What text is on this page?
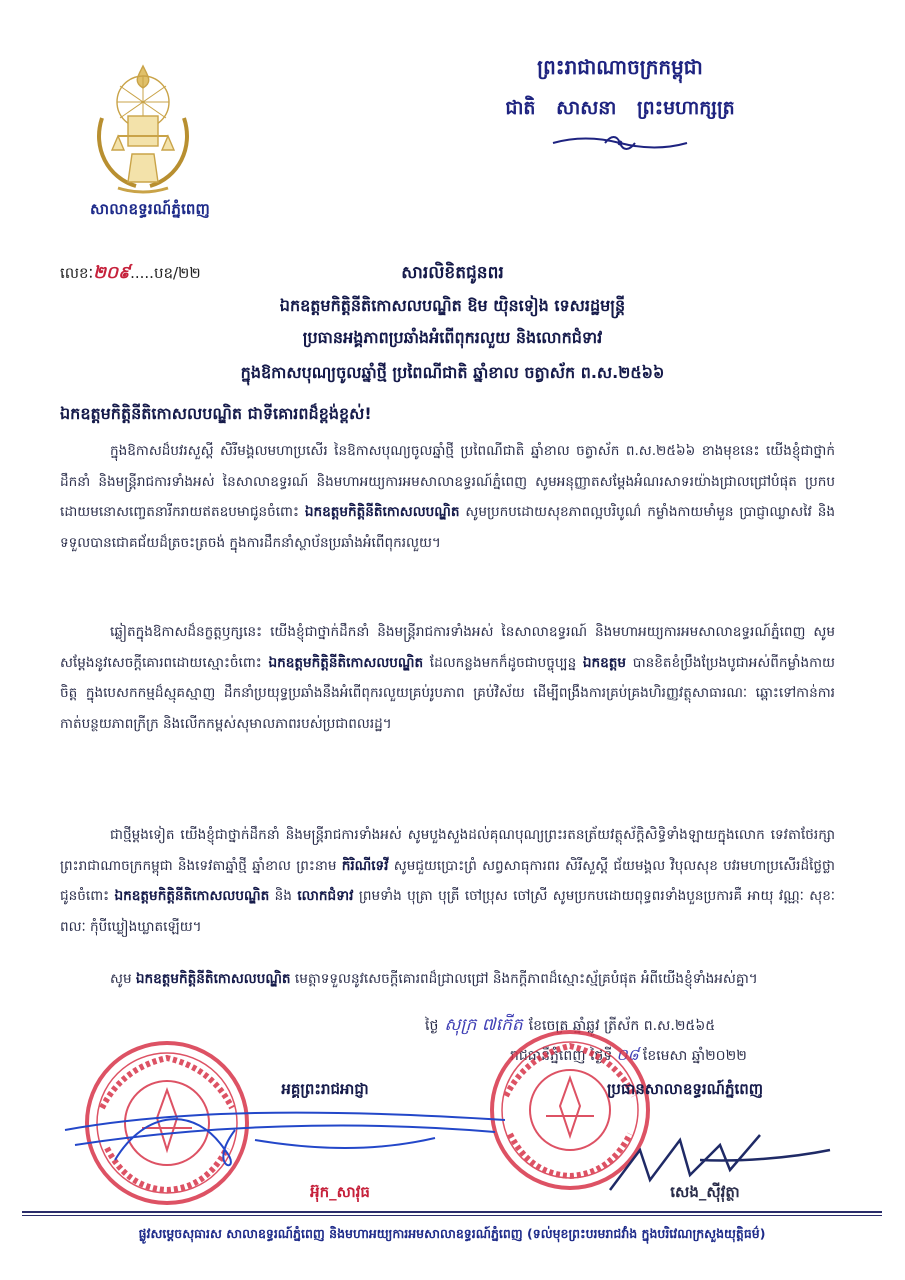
សាលាឧទ្ធរណ៍ភ្នំពេញ
ព្រះរាជាណាចក្រកម្ពុជា
ជាតិ សាសនា ព្រះមហាក្សត្រ
លេខៈ២០៩.....បឧ/២២	សារលិខិតជូនពរ
ឯកឧត្តមកិត្តិនីតិកោសលបណ្ឌិត ឱម យ៉ិនទៀង ទេសរដ្ឋមន្ត្រី
ប្រធានអង្គភាពប្រឆាំងអំពើពុករលួយ និងលោកជំទាវ
ក្នុងឱកាសបុណ្យចូលឆ្នាំថ្មី ប្រពៃណីជាតិ ឆ្នាំខាល ចត្វាស័ក ព.ស.២៥៦៦
ឯកឧត្តមកិត្តិនីតិកោសលបណ្ឌិត ជាទីគោរពដ៏ខ្ពង់ខ្ពស់!
ក្នុងឱកាសដ៏បវរសួស្តី សិរីមង្គលមហាប្រសើរ នៃឱកាសបុណ្យចូលឆ្នាំថ្មី ប្រពៃណីជាតិ ឆ្នាំខាល ចត្វាស័ក ព.ស.២៥៦៦ ខាងមុខនេះ យើងខ្ញុំជាថ្នាក់ដឹកនាំ និងមន្ត្រីរាជការទាំងអស់ នៃសាលាឧទ្ធរណ៍ និងមហាអយ្យការអមសាលាឧទ្ធរណ៍ភ្នំពេញ សូមអនុញ្ញាតសម្តែងអំណរសាទរយ៉ាងជ្រាលជ្រៅបំផុត ប្រកបដោយមនោសញ្ចេតនារីករាយឥតឧបមាជូនចំពោះ ឯកឧត្តមកិត្តិនីតិកោសលបណ្ឌិត សូមប្រកបដោយសុខភាពល្អបរិបូណ៌ កម្លាំងកាយមាំមួន ប្រាជ្ញាឈ្លាសវៃ និងទទួលបានជោគជ័យដ៏ត្រចះត្រចង់ ក្នុងការដឹកនាំស្ថាប័នប្រឆាំងអំពើពុករលួយ។
ឆ្លៀតក្នុងឱកាសដ៏នក្ខត្តឫក្សនេះ យើងខ្ញុំជាថ្នាក់ដឹកនាំ និងមន្ត្រីរាជការទាំងអស់ នៃសាលាឧទ្ធរណ៍ និងមហាអយ្យការអមសាលាឧទ្ធរណ៍ភ្នំពេញ សូមសម្តែងនូវសេចក្តីគោរពដោយស្មោះចំពោះ ឯកឧត្តមកិត្តិនីតិកោសលបណ្ឌិត ដែលកន្លងមកក៏ដូចជាបច្ចុប្បន្ន ឯកឧត្តម បានខិតខំប្រឹងប្រែងបូជាអស់ពីកម្លាំងកាយចិត្ត ក្នុងបេសកកម្មដ៏ស្មុគស្មាញ ដឹកនាំប្រយុទ្ធប្រឆាំងនឹងអំពើពុករលួយគ្រប់រូបភាព គ្រប់វិស័យ ដើម្បីពង្រឹងការគ្រប់គ្រងហិរញ្ញវត្ថុសាធារណៈ ឆ្ពោះទៅកាន់ការកាត់បន្ថយភាពក្រីក្រ និងលើកកម្ពស់សុមាលភាពរបស់ប្រជាពលរដ្ឋ។
ជាថ្មីម្តងទៀត យើងខ្ញុំជាថ្នាក់ដឹកនាំ និងមន្ត្រីរាជការទាំងអស់ សូមបួងសួងដល់គុណបុណ្យព្រះរតនត្រ័យវត្ថុស័ក្តិសិទ្ធិទាំងឡាយក្នុងលោក ទេវតាថែរក្សាព្រះរាជាណាចក្រកម្ពុជា និងទេវតាឆ្នាំថ្មី ឆ្នាំខាល ព្រះនាម កិរិណីទេវី សូមជួយប្រោះព្រំ សព្វសាធុការពរ សិរីសួស្តី ជ័យមង្គល វិបុលសុខ បវរមហាប្រសើរដ៏ថ្លៃថ្លា ជូនចំពោះ ឯកឧត្តមកិត្តិនីតិកោសលបណ្ឌិត និង លោកជំទាវ ព្រមទាំង បុត្រា បុត្រី ចៅប្រុស ចៅស្រី សូមប្រកបដោយពុទ្ធពរទាំងបួនប្រការគឺ អាយុ វណ្ណៈ សុខៈ ពលៈ កុំបីឃ្លៀងឃ្លាតឡើយ។
សូម ឯកឧត្តមកិត្តិនីតិកោសលបណ្ឌិត មេត្តាទទួលនូវសេចក្តីគោរពដ៏ជ្រាលជ្រៅ និងកក្តីភាពដ៏ស្មោះស្ម័គ្របំផុត អំពីយើងខ្ញុំទាំងអស់គ្នា។
ថ្ងៃ សុក្រ ៧កើត ខែចេត្រ ឆ្នាំឆ្លូវ ត្រីស័ក ព.ស.២៥៦៥
រាជធានីភ្នំពេញ ថ្ងៃទី ០៨ ខែមេសា ឆ្នាំ២០២២
អគ្គព្រះរាជអាជ្ញា	ប្រធានសាលាឧទ្ធរណ៍ភ្នំពេញ
អ៊ុក_សាវុធ	សេង_ស៊ីវុត្ថា
ផ្លូវសម្តេចសុធារស សាលាឧទ្ធរណ៍ភ្នំពេញ និងមហាអយ្យការអមសាលាឧទ្ធរណ៍ភ្នំពេញ (ទល់មុខព្រះបរមរាជវាំង ក្នុងបរិវេណក្រសួងយុត្តិធម៌)
